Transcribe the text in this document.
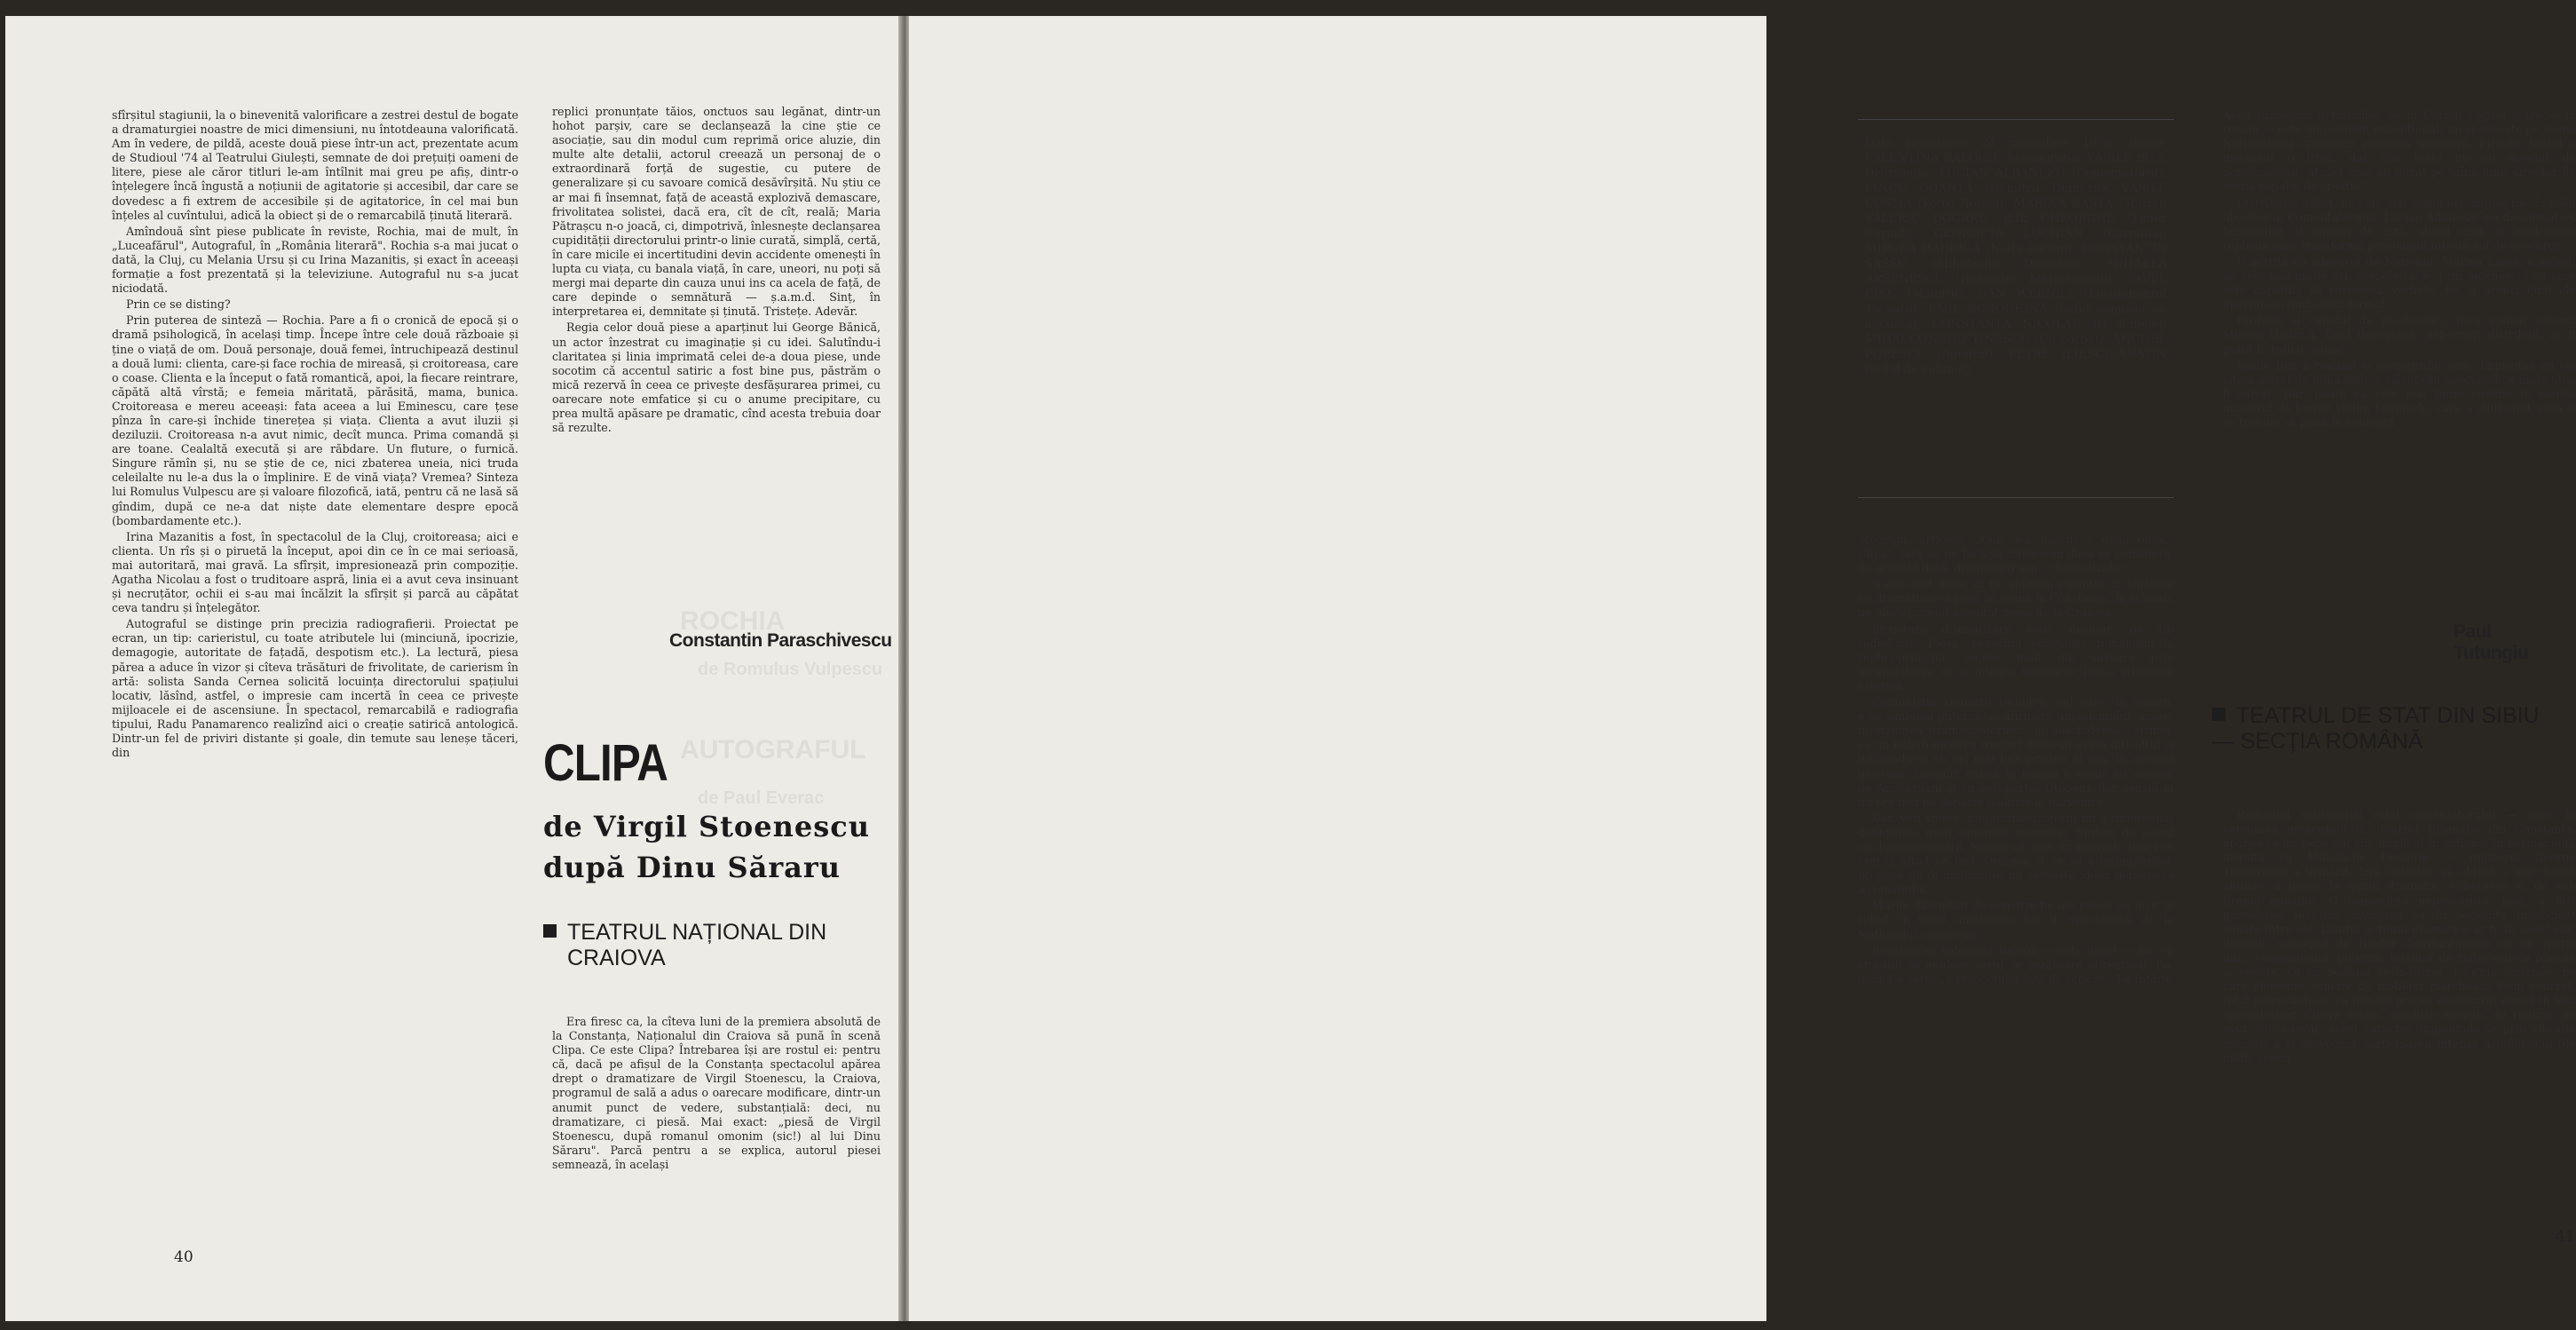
sfîrșitul stagiunii, la o binevenită valorificare a zestrei destul de bogate a dramaturgiei noastre de mici dimensiuni, nu întotdeauna valorificată. Am în vedere, de pildă, aceste două piese într-un act, prezentate acum de Studioul '74 al Teatrului Giulești, semnate de doi prețuiți oameni de litere, piese ale căror titluri le-am întîlnit mai greu pe afiș, dintr-o înțelegere încă îngustă a noțiunii de agitatorie și accesibil, dar care se dovedesc a fi extrem de accesibile și de agitatorice, în cel mai bun înțeles al cuvîntului, adică la obiect și de o remarcabilă ținută literară.

Amîndouă sînt piese publicate în reviste, Rochia, mai de mult, în „Luceafărul", Autograful, în „România literară". Rochia s-a mai jucat o dată, la Cluj, cu Melania Ursu și cu Irina Mazanitis, și exact în aceeași formație a fost prezentată și la televiziune. Autograful nu s-a jucat niciodată.

Prin ce se disting?

Prin puterea de sinteză — Rochia. Pare a fi o cronică de epocă și o dramă psihologică, în același timp. Începe între cele două războaie și ține o viață de om. Două personaje, două femei, întruchipează destinul a două lumi: clienta, care-și face rochia de mireasă, și croitoreasa, care o coase. Clienta e la început o fată romantică, apoi, la fiecare reintrare, căpătă altă vîrstă; e femeia măritată, părăsită, mama, bunica. Croitoreasa e mereu aceeași: fata acеea a lui Eminescu, care țese pînza în care-și închide tinerețea și viața. Clienta a avut iluzii și deziluzii. Croitoreasa n-a avut nimic, decît munca. Prima comandă și are toane. Cealaltă execută și are răbdare. Un fluture, o furnică. Singure rămîn și, nu se știe de ce, nici zbaterea uneia, nici truda celeilalte nu le-a dus la o împlinire. E de vină viața? Vremea? Sinteza lui Romulus Vulpescu are și valoare filozofică, iată, pentru că ne lasă să gîndim, după ce ne-a dat niște date elementare despre epocă (bombardamente etc.).

Irina Mazanitis a fost, în spectacolul de la Cluj, croitoreasa; aici e clienta. Un rîs și o piruetă la început, apoi din ce în ce mai serioasă, mai autoritară, mai gravă. La sfîrșit, impresionează prin compoziție. Agatha Nicolau a fost o truditoare aspră, linia ei a avut ceva insinuant și necruțător, ochii ei s-au mai încălzit la sfîrșit și parcă au căpătat ceva tandru și înțelegător.

Autograful se distinge prin precizia radiografierii. Proiectat pe ecran, un tip: carieristul, cu toate atributele lui (minciună, ipocrizie, demagogie, autoritate de fațadă, despotism etc.). La lectură, piesa părea a aduce în vizor și cîteva trăsături de frivolitate, de carierism în artă: solista Sanda Cernea solicită locuința directorului spațiului locativ, lăsînd, astfel, o impresie cam incertă în ceea ce privește mijloacele ei de ascensiune. În spectacol, remarcabilă e radiografia tipului, Radu Panamarenco realizînd aici o creație satirică antologică. Dintr-un fel de priviri distante și goale, din temute sau leneșe tăceri, din

replici pronunțate tăios, onctuos sau legănat, dintr-un hohot parșiv, care se declanșează la cine știe ce asociație, sau din modul cum reprimă orice aluzie, din multe alte detalii, actorul creează un personaj de o extraordinară forță de sugestie, cu putere de generalizare și cu savoare comică desăvîrșită. Nu știu ce ar mai fi însemnat, față de această explozivă demascare, frivolitatea solistei, dacă era, cît de cît, reală; Maria Pătrașcu n-o joacă, ci, dimpotrivă, înlesnește declanșarea cupidității directorului printr-o linie curată, simplă, certă, în care micile ei incertitudini devin accidente omenești în lupta cu viața, cu banala viață, în care, uneori, nu poți să mergi mai departe din cauza unui ins ca acela de față, de care depinde o semnătură — ș.a.m.d. Sinț, în interpretarea ei, demnitate și ținută. Tristețe. Adevăr.

Regia celor două piese a aparținut lui George Bănică, un actor înzestrat cu imaginație și cu idei. Salutîndu-i claritatea și linia imprimată celei de-a doua piese, unde socotim că accentul satiric a fost bine pus, păstrăm o mică rezervă în ceea ce privește desfășurarea primei, cu oarecare note emfatice și cu o anume precipitare, cu prea multă apăsare pe dramatic, cînd acesta trebuia doar să rezulte.

ROCHIA
de Romulus Vulpescu
AUTOGRAFUL
de Paul Everac
Constantin Paraschivescu
CLIPA
de Virgil Stoenescu
după Dinu Săraru
TEATRUL NAȚIONAL DIN
CRAIOVA

Era firesc ca, la cîteva luni de la premiera absolută de la Constanța, Naționalul din Craiova să pună în scenă Clipa. Ce este Clipa? Întrebarea își are rostul ei: pentru că, dacă pe afișul de la Constanța spectacolul apărea drept o dramatizare de Virgil Stoenescu, la Craiova, programul de sală a adus o oarecare modificare, dintr-un anumit punct de vedere, substanțială: deci, nu dramatizare, ci piesă. Mai exact: „piesă de Virgil Stoenescu, după romanul omonim (sic!) al lui Dinu Săraru". Parcă pentru a se explica, autorul piesei semnează, în același

40

Data premierei: 24 noiembrie 1978. Regia: VALENTINA BALOGH. Scenografia: VASILE BUZ. Distribuția: LUCIAN ALBANEZU (Comentatorul); IANCU GOANȚĂ (Dumitru Dumitru); VASILE COSMA (Petre Nobilu); MARINA BAȘTA (Măria); VALERIU DOGARU, ILIE GHEORGHE (Tudor Cernat); GEORGETA LUCHIAN (Carmina); MIRCEA HADÎRCĂ (Năiță Lucian); CONSTANTIN SASSU (Mihalache Dometie); MIHAELA ARSENESCU (Ruxandra Mărăcineanu); PAVEL CÎSU (Maiorul); DAN WERNER (Locotenentul Turbatu); EMIL BOROGHINĂ (Șeful comisiei de anchetă); CONSTANȚA NICOLAU (O femeie); MIHAI CONSTANTINESCU (Un bărbat); ANGHEL POPESCU (Agentul); PETRE ILIESCU-ANATIN (Șeful de cabinet).

program, articolul „Cum s-a născut a doua oară... Clipa", fără să ne facă să înțelegem dacă se consideră, de această dată, dramaturg sau... dramatizator.

N-am avut unde să ne spunem cuvîntul în legătură cu dramatizarea pusă în scenă la Constanța. În schimb, ne oferă prilejul așteptat piesa de la Craiova.

Structura dramatizării este, desigur, de tip radiofonic. Piesa, reducînd substanța romanului la replici-principii, pierde mult din savoare prin incapacitatea de a integra tablourile într-o structură estetică.

Comunistul Dumitru Dumitru, cel care, în roman, este simbolul puternic al afirmării umanismului, apare, în viziunea dramatizatorului, la deschiderea cortinei, ca un nabab modern trecînd dintr-un avion într-altul și întîlnindu-se cu cel mai bun prieten al său, în aceeași ipostază. Desigur, există în roman o scenă cu avionul de Amsterdam și cu aeroportul Otopeni, dar sensul ei nu era nici pe departe o aluzie la parvenire.

Dar, veți spune, nici dramatizatorul nu a intenționat denigrarea unui comunist exemplar. Sîntem de acord cu dumneavoastră. Numai că, zice un proverb, una-i ce vrei și alta-i ce faci. Ordinea și selecția întîmplărilor, propusă de dramatizator, nu servește ideea generoasă a romanului.

Marile dificultăți de construcție ale piesei au ieșit în relief, în toată amploarea lor, în spectacolul de la Naționalul craiovean.

Regizoarea Valentina Balogh — este drept — nu s-a străduit să anuleze aerul de șezătoare al textului. Ba, jucînd o carte „a respectului față de scriere", l-a întărit.

Acea răzmeriță a țăranilor de la Cornul Caprei (care — în roman — este un moment excepțional) nu-și găsește pe scena Naționalului craiovean expresia necesară. Firește, textul a însemnat o frînă, dar cîte texte nu au devenit de nerecunoscut, atunci cînd au intrat pe mîna unui director de scenă capabil de creație?

Distribuția a fost, de cele mai multe ori, improprie. În rolul obositor al Comentatorului, Lucian Albanezu s-a descurcat cu bunul-simț al omului de artă, știind cînd să edulcoreze replicile care transformă personajul într-un soi de procuror.

O actriță cu adevărat de Național, Marina Bașta, a salvat, de cele mai multe ori, scenele false, prin omenescul cu care este capabilă să rostească vorbele, fie și atunci cînd ele aparțineau limbajului formal.

Profund și capabil de plasticizări, ne-a apărut actorul Mircea Hadîrcă. Emil Boroghină, nepotrivit distribuit, ar fi putut fi, totuși, comic.

Vasile Buz a realizat o scenografie care, împreună cu cei cîțiva actori de mîna întîi, a salvat din spectacol ce mai putea fi salvat. Dar, poate că cele mai bune cuvinte le merită maestrul de lumini Vadim Levinschi, care a știut cînd, cum și ce trebuie să pună în evidență.

Paul Tutungiu
TEATRUL DE STAT DIN SIBIU
— SECȚIA ROMÂNĂ

Reducînd substanțial rolul comentatorului — care, în versiunea prezentată de Teatrul Dramatic din Constanța, apărea ca un personaj viu, implicat în acțiune, în permanentă dispută cu Mihalache Dometie — regizorul George Teodorescu a urmărit, fără îndoială, să obțină o mai decisă aliniere a piesei la genul dramatic, eliberarea ei de sub tirania epicului. O consecință neprevăzută, însă, a fost parcelarea textului, divizarea sa în secvențe insuficient sudate între ele. Liantul acțiunii dramatice ar fi, în acest caz, decorul, conceput de Teodor Constantinescu ca un spațiu unic, convențional, puternic luminat de reflectoarele plasate la vedere, cu un podium de înălțime și formă variabile, pe care elemente sumare de mobilier marchează locul concret, totul petrecîndu-se ca într-un proces desfășurat direct în fața spectatorilor. Cîteva scene, conduse energic de regizor, au avut, într-adevăr, acest caracter, impunîndu-se prin vibrația dramatică și provocînd participarea intensă a publicului (de pildă, scena

41
